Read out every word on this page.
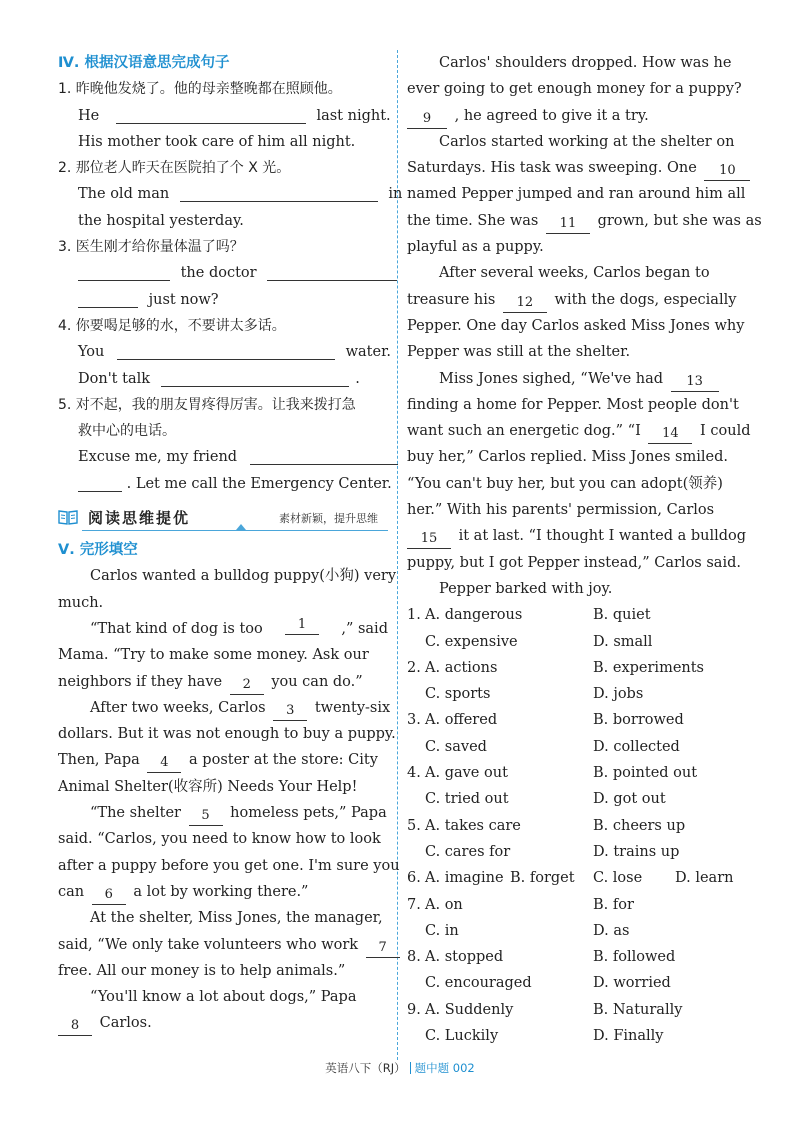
Ⅳ. 根据汉语意思完成句子
1. 昨晚他发烧了。他的母亲整晚都在照顾他。
He	last night.
His mother took care of him all night.
2. 那位老人昨天在医院拍了个 X 光。
The old man	in
the hospital yesterday.
3. 医生刚才给你量体温了吗？
the doctor
just now?
4. 你要喝足够的水，不要讲太多话。
You	water.
Don't talk	.
5. 对不起，我的朋友胃疼得厉害。让我来拨打急
救中心的电话。
Excuse me, my friend
. Let me call the Emergency Center.
阅读思维提优	素材新颖，提升思维
Ⅴ. 完形填空
Carlos wanted a bulldog puppy(小狗) very
much.
“That kind of dog is too	1	,” said
Mama. “Try to make some money. Ask our
neighbors if they have 2 you can do.”
After two weeks, Carlos 3 twenty-six
dollars. But it was not enough to buy a puppy.
Then, Papa 4 a poster at the store: City
Animal Shelter(收容所) Needs Your Help!
“The shelter 5 homeless pets,” Papa
said. “Carlos, you need to know how to look
after a puppy before you get one. I'm sure you
can 6 a lot by working there.”
At the shelter, Miss Jones, the manager,
said, “We only take volunteers who work 7
free. All our money is to help animals.”
“You'll know a lot about dogs,” Papa
8 Carlos.
Carlos' shoulders dropped. How was he
ever going to get enough money for a puppy?
9 , he agreed to give it a try.
Carlos started working at the shelter on
Saturdays. His task was sweeping. One 10
named Pepper jumped and ran around him all
the time. She was 11 grown, but she was as
playful as a puppy.
After several weeks, Carlos began to
treasure his 12 with the dogs, especially
Pepper. One day Carlos asked Miss Jones why
Pepper was still at the shelter.
Miss Jones sighed, “We've had 13
finding a home for Pepper. Most people don't
want such an energetic dog.” “I 14 I could
buy her,” Carlos replied. Miss Jones smiled.
“You can't buy her, but you can adopt(领养)
her.” With his parents' permission, Carlos
15 it at last. “I thought I wanted a bulldog
puppy, but I got Pepper instead,” Carlos said.
Pepper barked with joy.
1. A. dangerous	B. quiet
C. expensive	D. small
2. A. actions	B. experiments
C. sports	D. jobs
3. A. offered	B. borrowed
C. saved	D. collected
4. A. gave out	B. pointed out
C. tried out	D. got out
5. A. takes care	B. cheers up
C. cares for	D. trains up
6. A. imagine B. forget	C. lose	D. learn
7. A. on	B. for
C. in	D. as
8. A. stopped	B. followed
C. encouraged	D. worried
9. A. Suddenly	B. Naturally
C. Luckily	D. Finally
英语八下（RJ） 题中题 002
